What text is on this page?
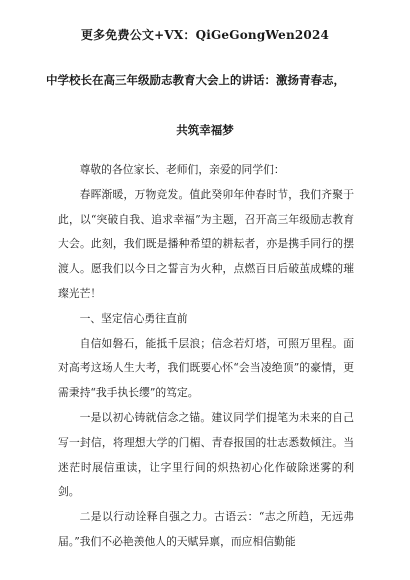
更多免费公文+VX：QiGeGongWen2024
中学校长在高三年级励志教育大会上的讲话：激扬青春志，
共筑幸福梦

尊敬的各位家长、老师们，亲爱的同学们：

春晖渐暖，万物竞发。值此癸卯年仲春时节，我们齐聚于此，以“突破自我、追求幸福”为主题，召开高三年级励志教育大会。此刻，我们既是播种希望的耕耘者，亦是携手同行的摆渡人。愿我们以今日之誓言为火种，点燃百日后破茧成蝶的璀璨光芒！

一、坚定信心勇往直前

自信如磐石，能抵千层浪；信念若灯塔，可照万里程。面对高考这场人生大考，我们既要心怀“会当凌绝顶”的豪情，更需秉持“我手执长缨”的笃定。

一是以初心铸就信念之锚。建议同学们提笔为未来的自己写一封信，将理想大学的门楣、青春报国的壮志悉数倾注。当迷茫时展信重读，让字里行间的炽热初心化作破除迷雾的利剑。

二是以行动诠释自强之力。古语云：“志之所趋，无远弗届。”我们不必艳羡他人的天赋异禀，而应相信勤能
